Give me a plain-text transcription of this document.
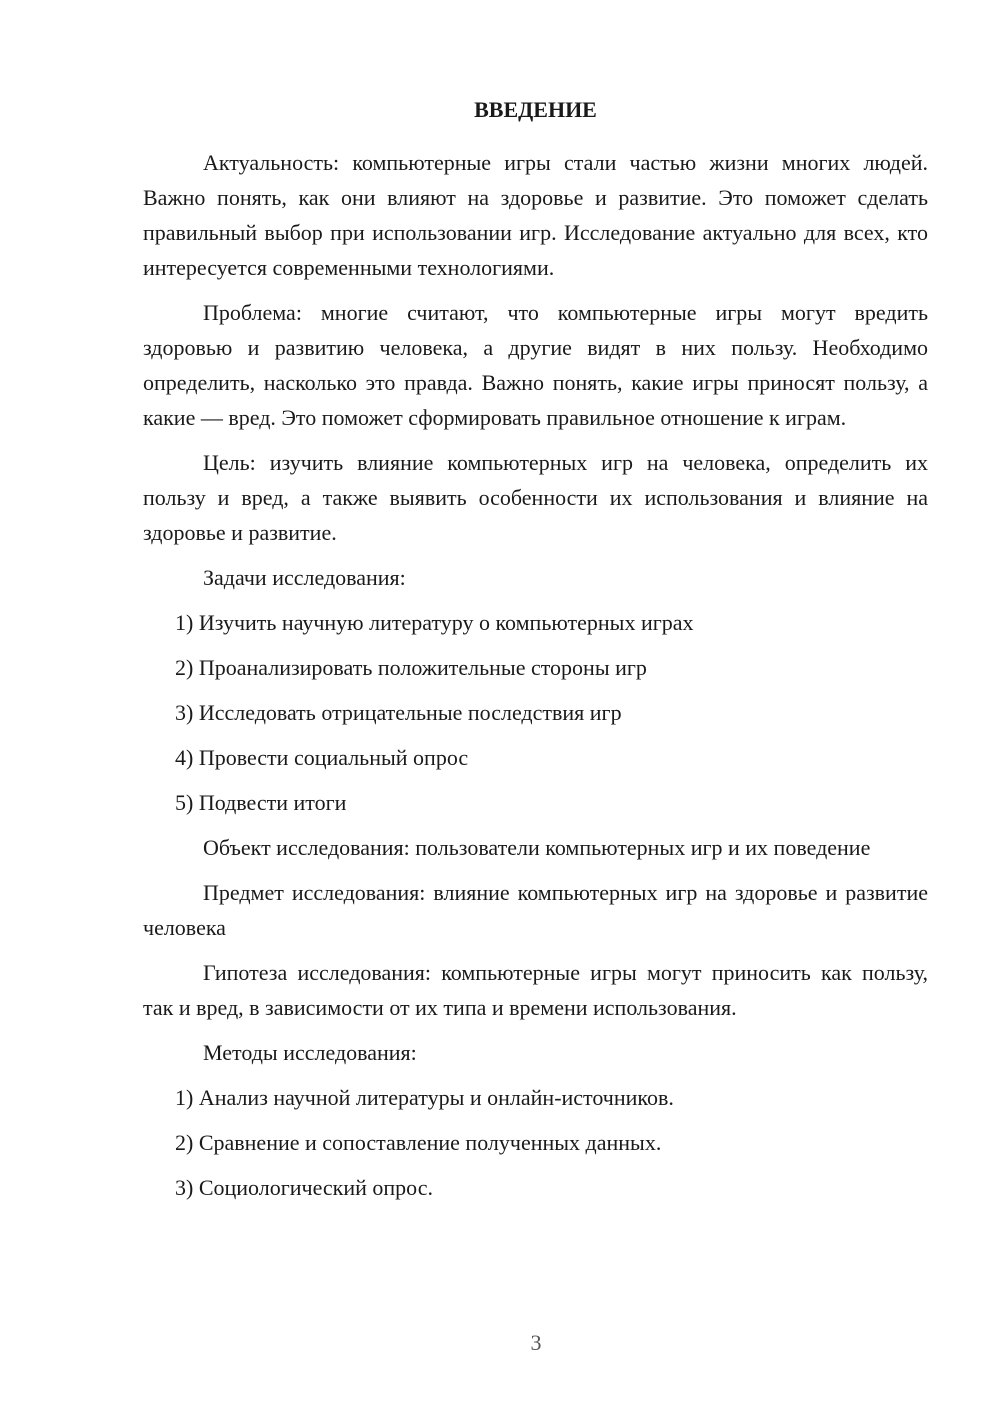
ВВЕДЕНИЕ

Актуальность: компьютерные игры стали частью жизни многих людей. Важно понять, как они влияют на здоровье и развитие. Это поможет сделать правильный выбор при использовании игр. Исследование актуально для всех, кто интересуется современными технологиями.

Проблема: многие считают, что компьютерные игры могут вредить здоровью и развитию человека, а другие видят в них пользу. Необходимо определить, насколько это правда. Важно понять, какие игры приносят пользу, а какие — вред. Это поможет сформировать правильное отношение к играм.

Цель: изучить влияние компьютерных игр на человека, определить их пользу и вред, а также выявить особенности их использования и влияние на здоровье и развитие.

Задачи исследования:

1) Изучить научную литературу о компьютерных играх

2) Проанализировать положительные стороны игр

3) Исследовать отрицательные последствия игр

4) Провести социальный опрос

5) Подвести итоги

Объект исследования: пользователи компьютерных игр и их поведение

Предмет исследования: влияние компьютерных игр на здоровье и развитие человека

Гипотеза исследования: компьютерные игры могут приносить как пользу, так и вред, в зависимости от их типа и времени использования.

Методы исследования:

1) Анализ научной литературы и онлайн-источников.

2) Сравнение и сопоставление полученных данных.

3) Социологический опрос.

3
